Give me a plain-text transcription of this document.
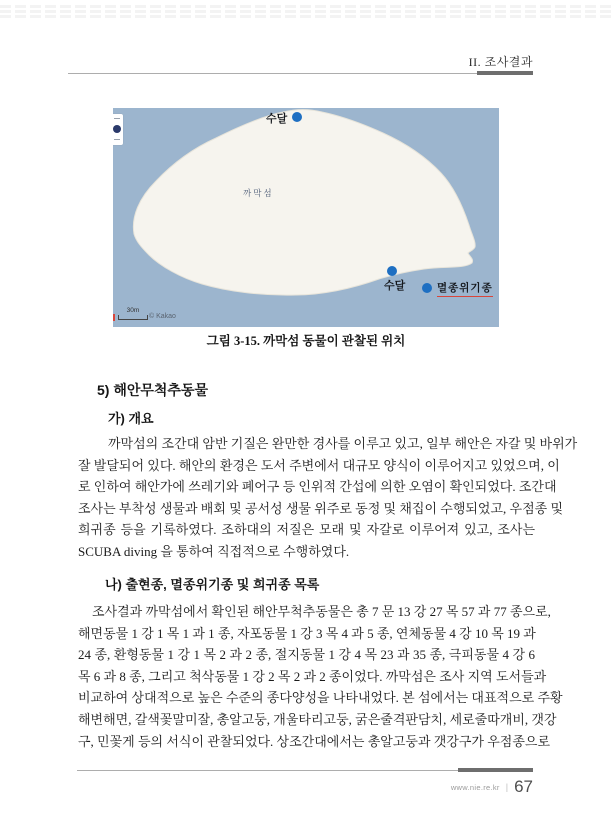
II. 조사결과
까막섬
수달
수달	멸종위기종
30m
© Kakao
그림 3-15. 까막섬 동물이 관찰된 위치
5) 해안무척추동물
가) 개요
까막섬의 조간대 암반 기질은 완만한 경사를 이루고 있고, 일부 해안은 자갈 및 바위가
잘 발달되어 있다. 해안의 환경은 도서 주변에서 대규모 양식이 이루어지고 있었으며, 이
로 인하여 해안가에 쓰레기와 폐어구 등 인위적 간섭에 의한 오염이 확인되었다. 조간대
조사는 부착성 생물과 배회 및 공서성 생물 위주로 동정 및 채집이 수행되었고, 우점종 및
희귀종 등을 기록하였다. 조하대의 저질은 모래 및 자갈로 이루어져 있고, 조사는
SCUBA diving 을 통하여 직접적으로 수행하였다.
나) 출현종, 멸종위기종 및 희귀종 목록
조사결과 까막섬에서 확인된 해안무척추동물은 총 7 문 13 강 27 목 57 과 77 종으로,
해면동물 1 강 1 목 1 과 1 종, 자포동물 1 강 3 목 4 과 5 종, 연체동물 4 강 10 목 19 과
24 종, 환형동물 1 강 1 목 2 과 2 종, 절지동물 1 강 4 목 23 과 35 종, 극피동물 4 강 6
목 6 과 8 종, 그리고 척삭동물 1 강 2 목 2 과 2 종이었다. 까막섬은 조사 지역 도서들과
비교하여 상대적으로 높은 수준의 종다양성을 나타내었다. 본 섬에서는 대표적으로 주황
해변해면, 갈색꽃말미잘, 총알고둥, 개울타리고둥, 굵은줄격판담치, 세로줄따개비, 갯강
구, 민꽃게 등의 서식이 관찰되었다. 상조간대에서는 총알고둥과 갯강구가 우점종으로
www.nie.re.kr | 67
